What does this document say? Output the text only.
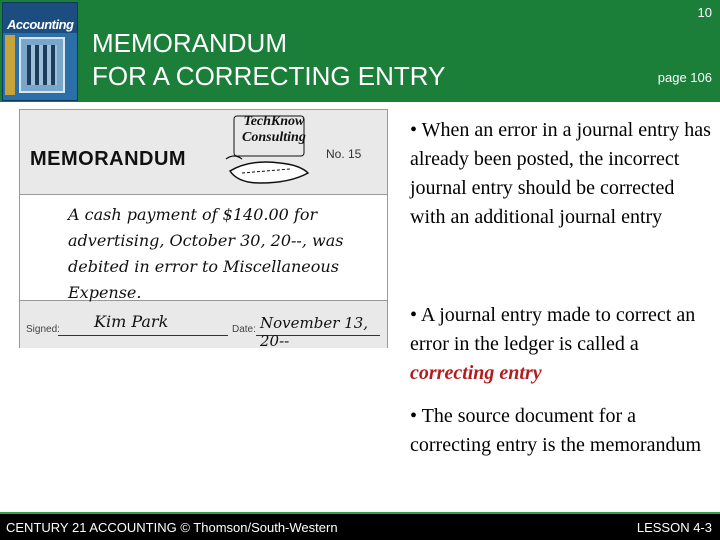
Accounting
MEMORANDUM
FOR A CORRECTING ENTRY
10
page 106
MEMORANDUM
TechKnow
Consulting
No. 15
A cash payment of $140.00 for advertising, October 30, 20--, was debited in error to Miscellaneous Expense.
Signed: Kim Park	Date: November 13, 20--
• When an error in a journal entry has already been posted, the incorrect journal entry should be corrected with an additional journal entry
• A journal entry made to correct an error in the ledger is called a correcting entry
• The source document for a correcting entry is the memorandum
CENTURY 21 ACCOUNTING © Thomson/South-Western	LESSON 4-3
